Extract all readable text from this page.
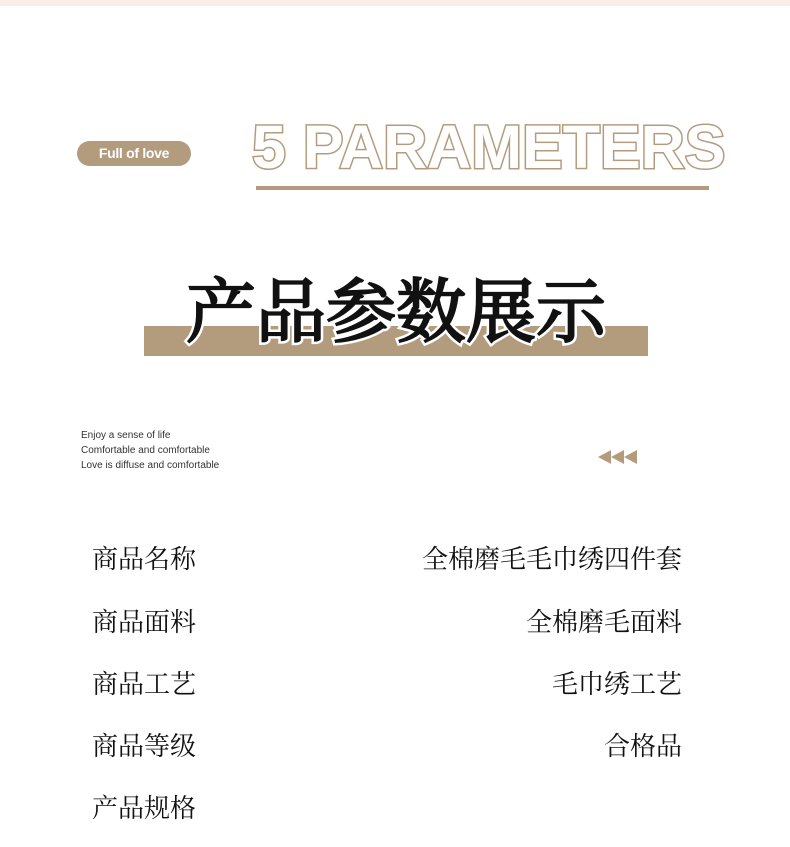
Full of love	5 PARAMETERS
产品参数展示
Enjoy a sense of life
Comfortable and comfortable
Love is diffuse and comfortable
商品名称	全棉磨毛毛巾绣四件套
商品面料	全棉磨毛面料
商品工艺	毛巾绣工艺
商品等级	合格品
产品规格
